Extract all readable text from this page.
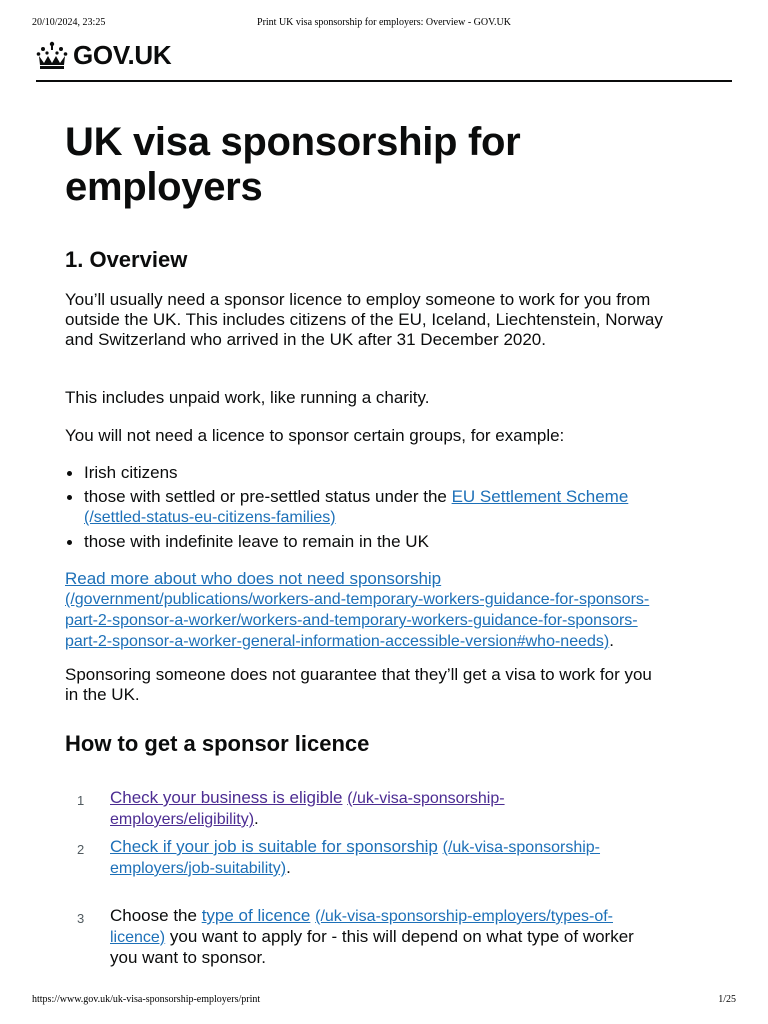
20/10/2024, 23:25	Print UK visa sponsorship for employers: Overview - GOV.UK
GOV.UK
UK visa sponsorship for employers
1. Overview

You’ll usually need a sponsor licence to employ someone to work for you from outside the UK. This includes citizens of the EU, Iceland, Liechtenstein, Norway and Switzerland who arrived in the UK after 31 December 2020.

This includes unpaid work, like running a charity.

You will not need a licence to sponsor certain groups, for example:

Irish citizens
those with settled or pre-settled status under the EU Settlement Scheme
(/settled-status-eu-citizens-families)
those with indefinite leave to remain in the UK

Read more about who does not need sponsorship
(/government/publications/workers-and-temporary-workers-guidance-for-sponsors-part-2-sponsor-a-worker/workers-and-temporary-workers-guidance-for-sponsors-part-2-sponsor-a-worker-general-information-accessible-version#who-needs).

Sponsoring someone does not guarantee that they’ll get a visa to work for you in the UK.

How to get a sponsor licence
1 Check your business is eligible (/uk-visa-sponsorship-employers/eligibility).
2 Check if your job is suitable for sponsorship (/uk-visa-sponsorship-employers/job-suitability).
3 Choose the type of licence (/uk-visa-sponsorship-employers/types-of-licence) you want to apply for - this will depend on what type of worker you want to sponsor.
https://www.gov.uk/uk-visa-sponsorship-employers/print	1/25
